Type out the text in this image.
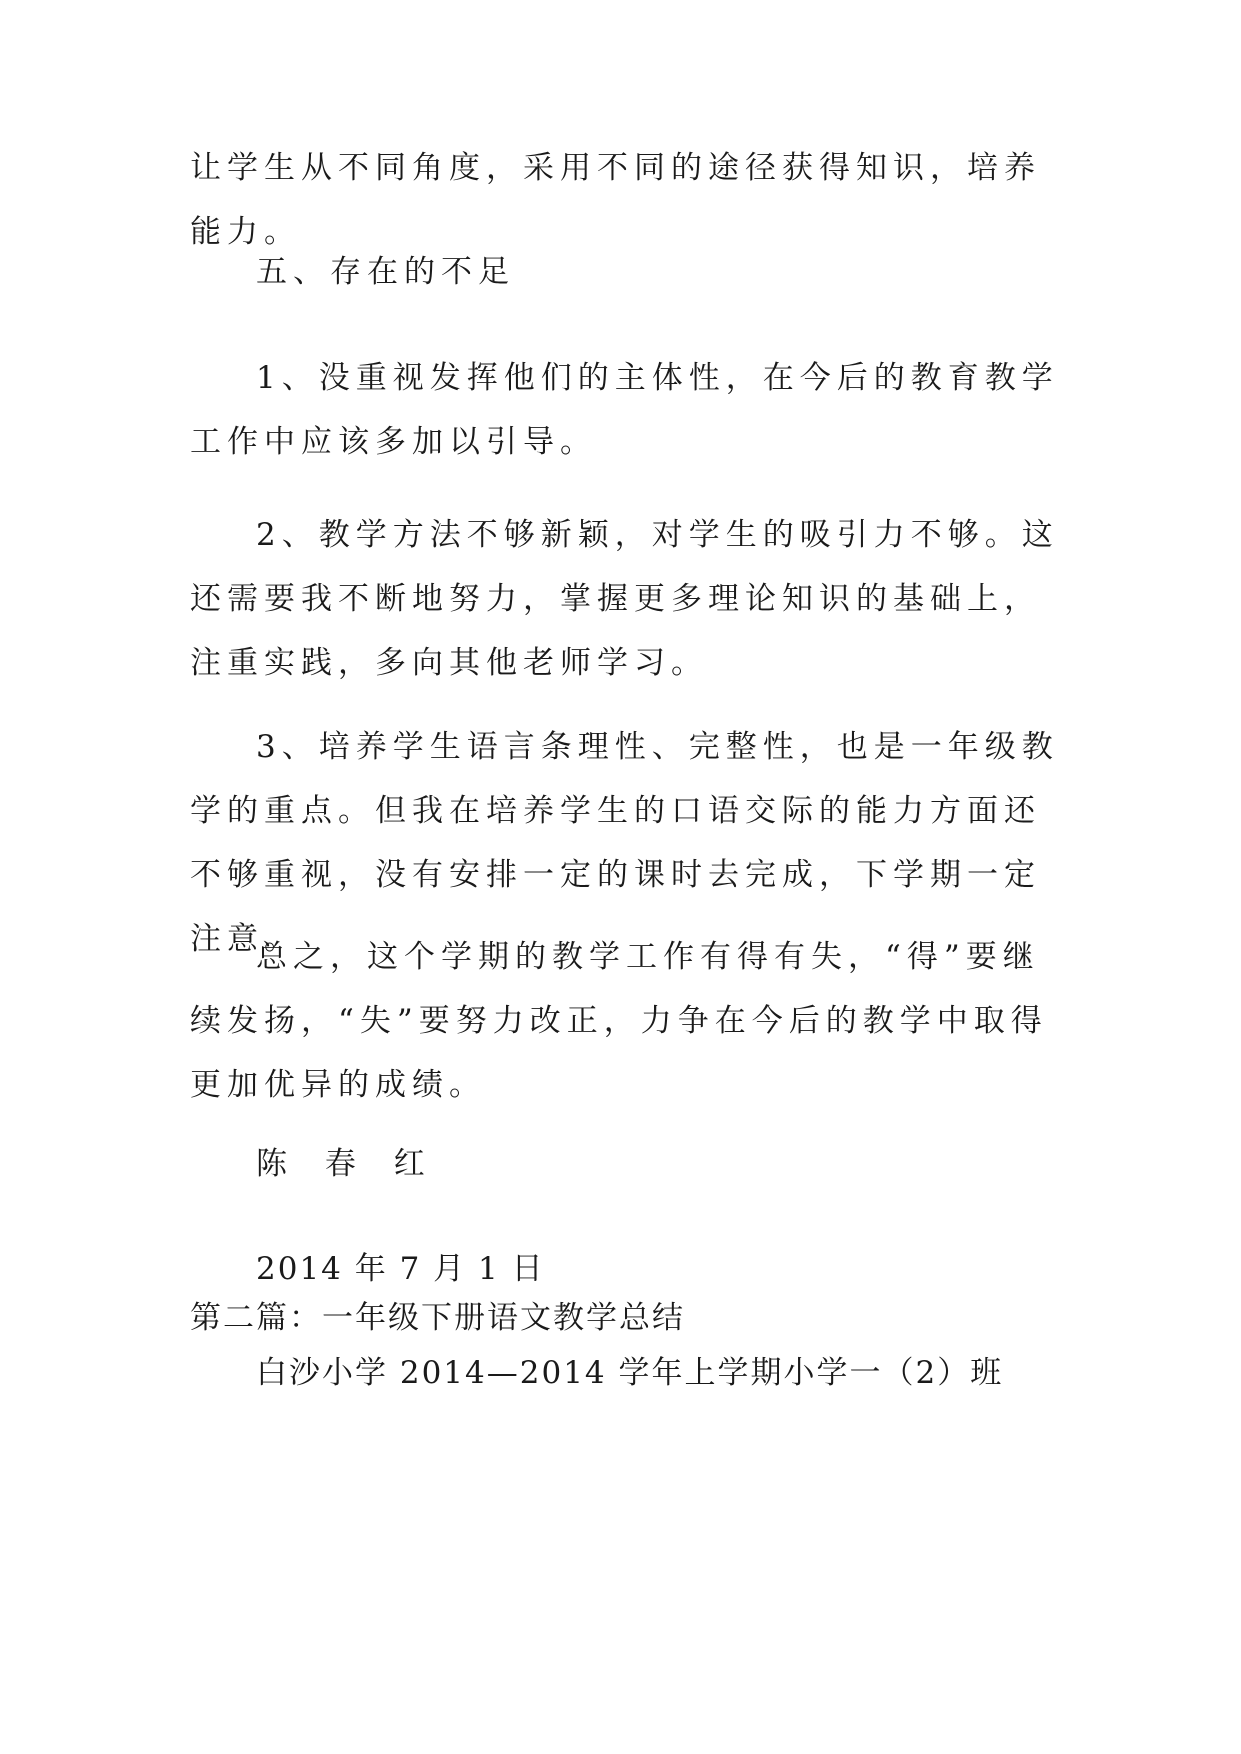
让学生从不同角度，采用不同的途径获得知识，培养能力。

五、存在的不足

1、没重视发挥他们的主体性，在今后的教育教学工作中应该多加以引导。

2、教学方法不够新颖，对学生的吸引力不够。这还需要我不断地努力，掌握更多理论知识的基础上，注重实践，多向其他老师学习。

3、培养学生语言条理性、完整性，也是一年级教学的重点。但我在培养学生的口语交际的能力方面还不够重视，没有安排一定的课时去完成，下学期一定注意。

总之，这个学期的教学工作有得有失，“得”要继续发扬，“失”要努力改正，力争在今后的教学中取得更加优异的成绩。

陈 春 红

2014 年 7 月 1 日

第二篇：一年级下册语文教学总结

白沙小学 2014—2014 学年上学期小学一（2）班
